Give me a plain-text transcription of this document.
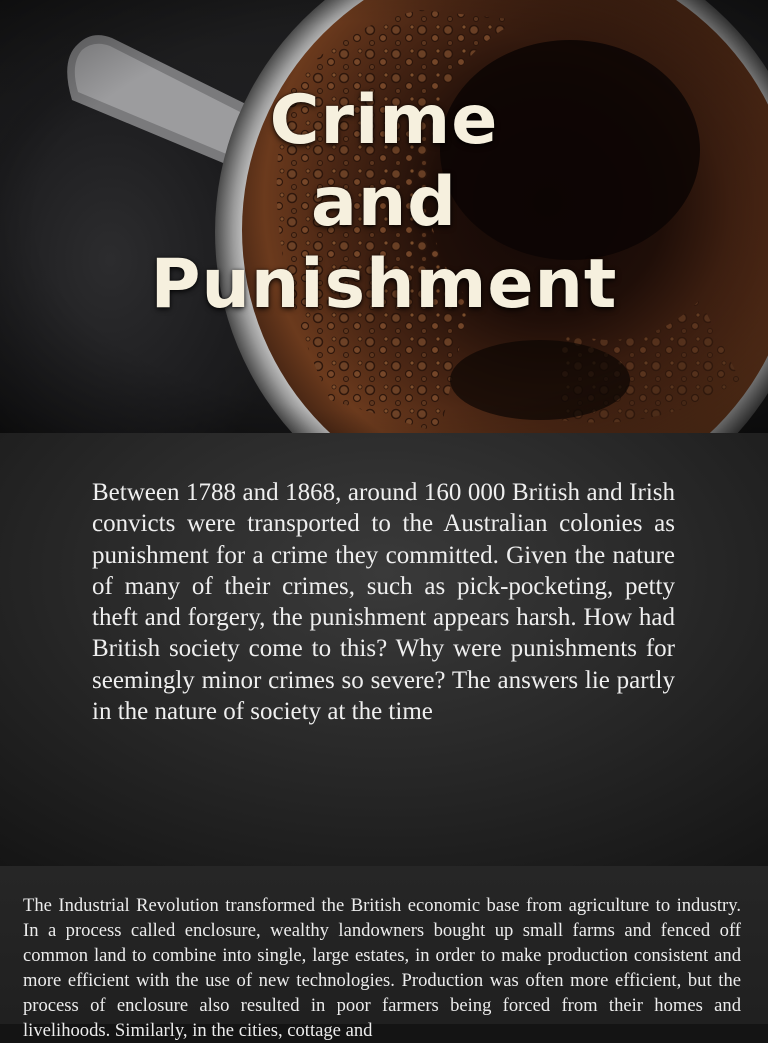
Crime
and
Punishment

Between 1788 and 1868, around 160 000 British and Irish convicts were transported to the Australian colonies as punishment for a crime they committed. Given the nature of many of their crimes, such as pick-pocketing, petty theft and forgery, the punishment appears harsh. How had British society come to this? Why were punishments for seemingly minor crimes so severe? The answers lie partly in the nature of society at the time

The Industrial Revolution transformed the British economic base from agriculture to industry. In a process called enclosure, wealthy landowners bought up small farms and fenced off common land to combine into single, large estates, in order to make production consistent and more efficient with the use of new technologies. Production was often more efficient, but the process of enclosure also resulted in poor farmers being forced from their homes and livelihoods. Similarly, in the cities, cottage and
